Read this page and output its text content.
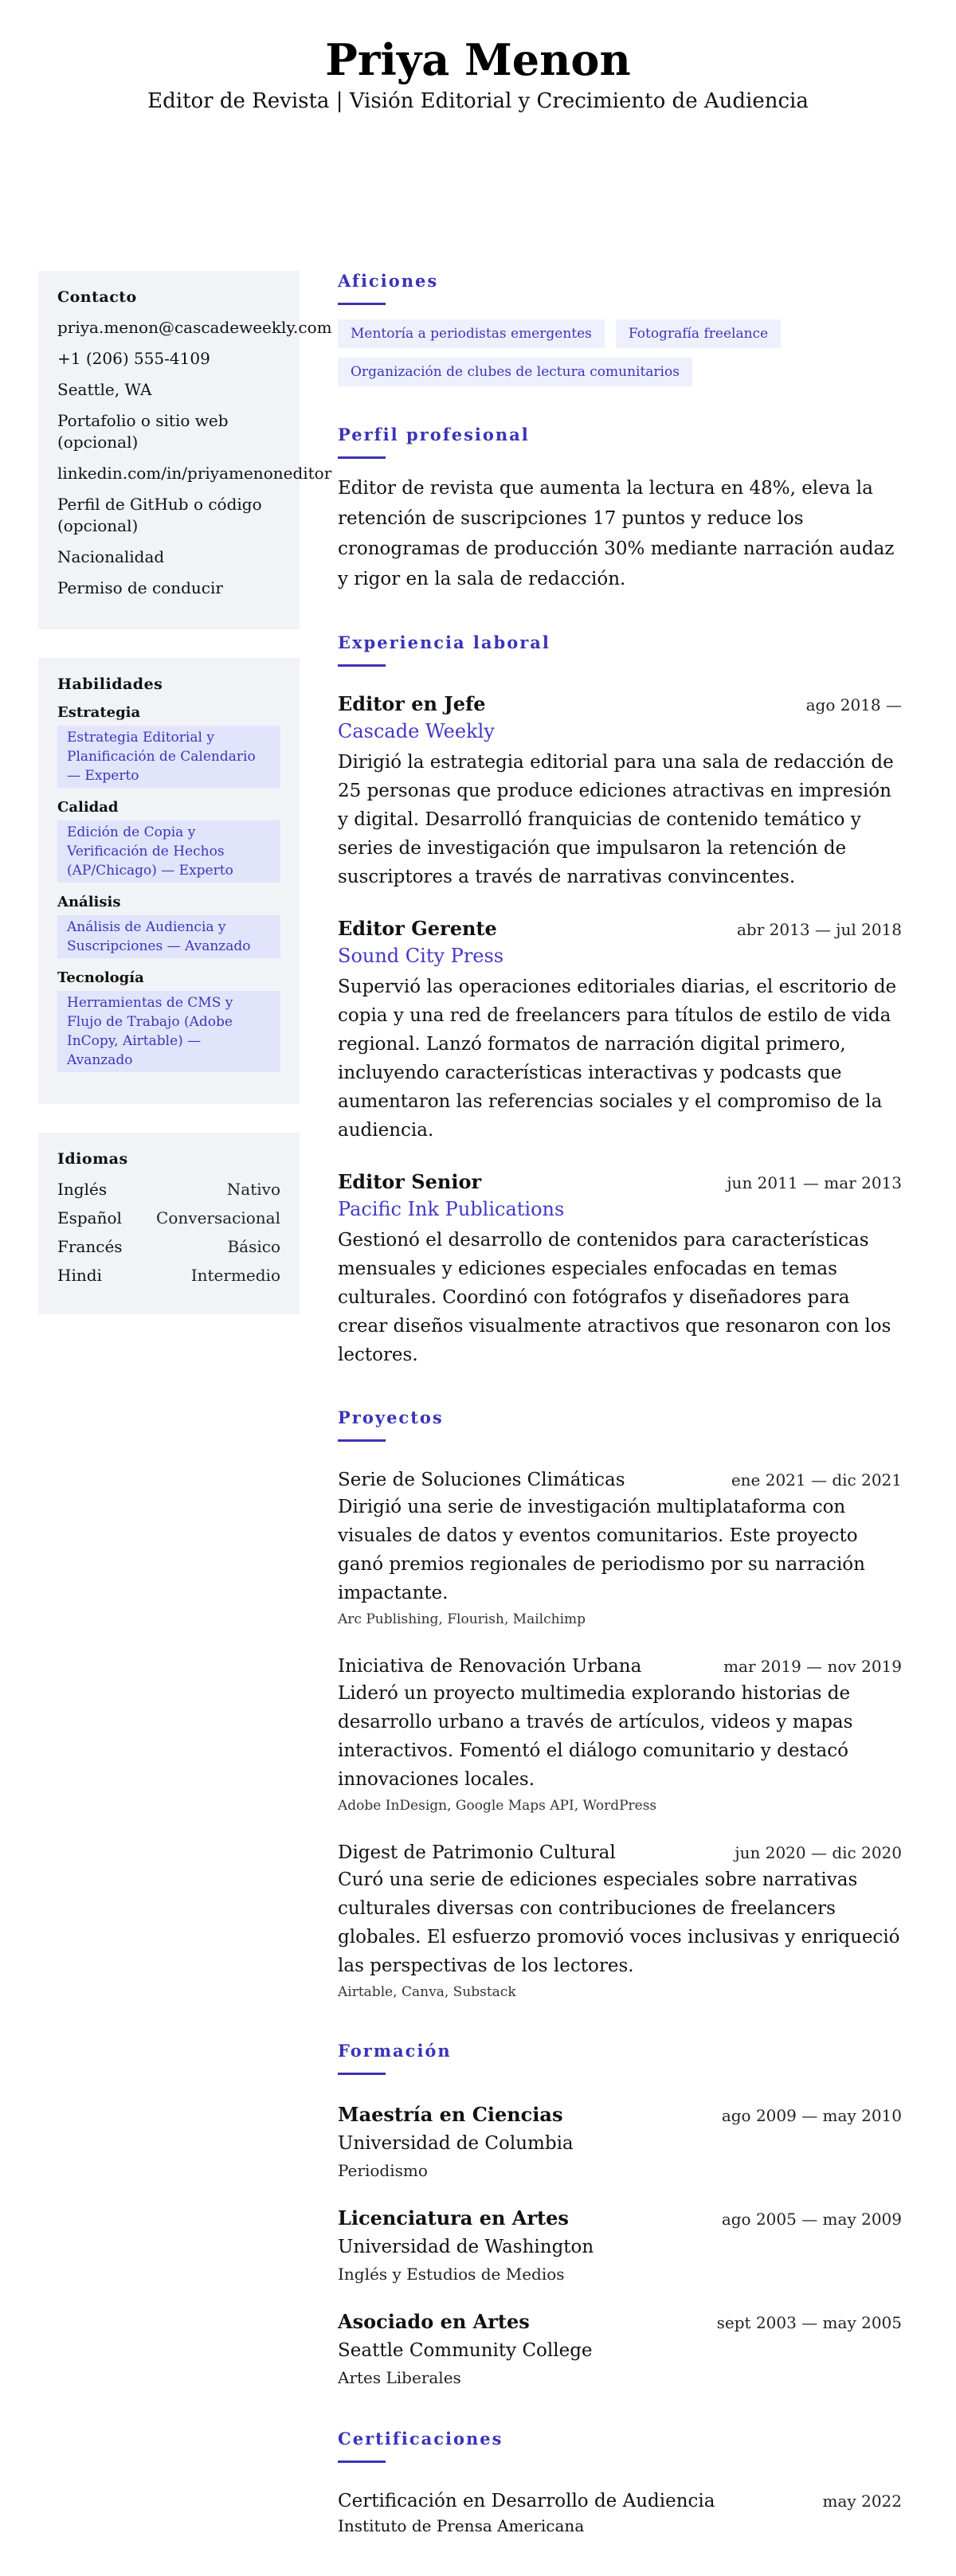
Priya Menon
Editor de Revista | Visión Editorial y Crecimiento de Audiencia
Contacto
priya.menon@cascadeweekly.com
+1 (206) 555-4109
Seattle, WA
Portafolio o sitio web (opcional)
linkedin.com/in/priyamenoneditor
Perfil de GitHub o código (opcional)
Nacionalidad
Permiso de conducir
Habilidades
Estrategia
Estrategia Editorial y Planificación de Calendario — Experto
Calidad
Edición de Copia y Verificación de Hechos (AP/Chicago) — Experto
Análisis
Análisis de Audiencia y Suscripciones — Avanzado
Tecnología
Herramientas de CMS y Flujo de Trabajo (Adobe InCopy, Airtable) — Avanzado
Idiomas
Inglés	Nativo
Español Conversacional
Francés	Básico
Hindi	Intermedio
Aficiones
Mentoría a periodistas emergentes	Fotografía freelance
Organización de clubes de lectura comunitarios
Perfil profesional

Editor de revista que aumenta la lectura en 48%, eleva la retención de suscripciones 17 puntos y reduce los cronogramas de producción 30% mediante narración audaz y rigor en la sala de redacción.

Experiencia laboral
Editor en Jefe	ago 2018 —
Cascade Weekly

Dirigió la estrategia editorial para una sala de redacción de 25 personas que produce ediciones atractivas en impresión y digital. Desarrolló franquicias de contenido temático y series de investigación que impulsaron la retención de suscriptores a través de narrativas convincentes.

Editor Gerente	abr 2013 — jul 2018
Sound City Press

Supervió las operaciones editoriales diarias, el escritorio de copia y una red de freelancers para títulos de estilo de vida regional. Lanzó formatos de narración digital primero, incluyendo características interactivas y podcasts que aumentaron las referencias sociales y el compromiso de la audiencia.

Editor Senior	jun 2011 — mar 2013
Pacific Ink Publications

Gestionó el desarrollo de contenidos para características mensuales y ediciones especiales enfocadas en temas culturales. Coordinó con fotógrafos y diseñadores para crear diseños visualmente atractivos que resonaron con los lectores.

Proyectos
Serie de Soluciones Climáticas	ene 2021 — dic 2021

Dirigió una serie de investigación multiplataforma con visuales de datos y eventos comunitarios. Este proyecto ganó premios regionales de periodismo por su narración impactante.

Arc Publishing, Flourish, Mailchimp
Iniciativa de Renovación Urbana	mar 2019 — nov 2019

Lideró un proyecto multimedia explorando historias de desarrollo urbano a través de artículos, videos y mapas interactivos. Fomentó el diálogo comunitario y destacó innovaciones locales.

Adobe InDesign, Google Maps API, WordPress
Digest de Patrimonio Cultural	jun 2020 — dic 2020

Curó una serie de ediciones especiales sobre narrativas culturales diversas con contribuciones de freelancers globales. El esfuerzo promovió voces inclusivas y enriqueció las perspectivas de los lectores.

Airtable, Canva, Substack
Formación
Maestría en Ciencias	ago 2009 — may 2010
Universidad de Columbia
Periodismo
Licenciatura en Artes	ago 2005 — may 2009
Universidad de Washington
Inglés y Estudios de Medios
Asociado en Artes	sept 2003 — may 2005
Seattle Community College
Artes Liberales
Certificaciones
Certificación en Desarrollo de Audiencia	may 2022
Instituto de Prensa Americana
